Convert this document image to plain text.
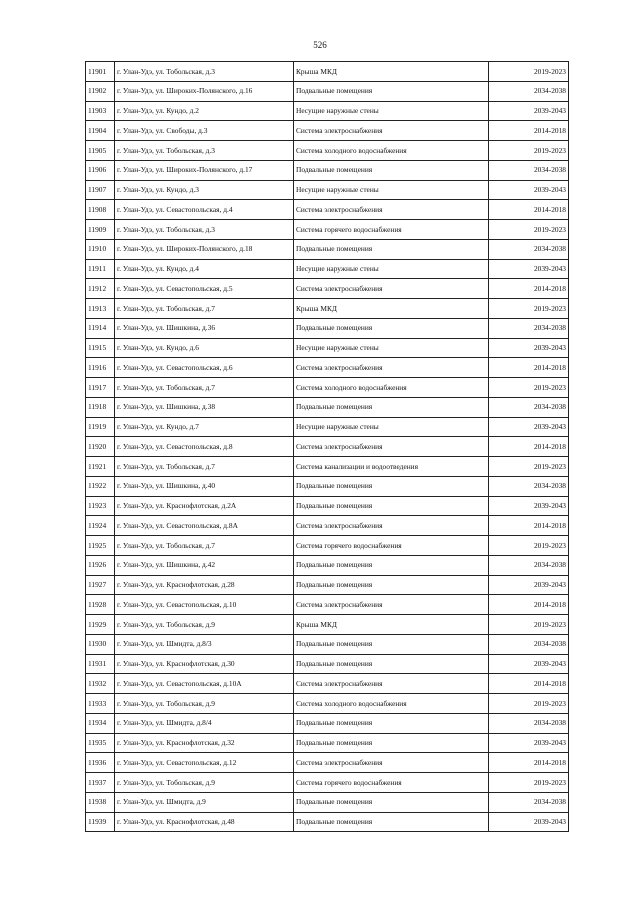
526
11901	г. Улан-Удэ, ул. Тобольская, д.3	Крыша МКД	2019-2023
11902	г. Улан-Удэ, ул. Широких-Полянского, д.16	Подвальные помещения	2034-2038
11903	г. Улан-Удэ, ул. Кундо, д.2	Несущие наружные стены	2039-2043
11904	г. Улан-Удэ, ул. Свободы, д.3	Система электроснабжения	2014-2018
11905	г. Улан-Удэ, ул. Тобольская, д.3	Система холодного водоснабжения	2019-2023
11906	г. Улан-Удэ, ул. Широких-Полянского, д.17	Подвальные помещения	2034-2038
11907	г. Улан-Удэ, ул. Кундо, д.3	Несущие наружные стены	2039-2043
11908	г. Улан-Удэ, ул. Севастопольская, д.4	Система электроснабжения	2014-2018
11909	г. Улан-Удэ, ул. Тобольская, д.3	Система горячего водоснабжения	2019-2023
11910	г. Улан-Удэ, ул. Широких-Полянского, д.18	Подвальные помещения	2034-2038
11911	г. Улан-Удэ, ул. Кундо, д.4	Несущие наружные стены	2039-2043
11912	г. Улан-Удэ, ул. Севастопольская, д.5	Система электроснабжения	2014-2018
11913	г. Улан-Удэ, ул. Тобольская, д.7	Крыша МКД	2019-2023
11914	г. Улан-Удэ, ул. Шишкина, д.36	Подвальные помещения	2034-2038
11915	г. Улан-Удэ, ул. Кундо, д.6	Несущие наружные стены	2039-2043
11916	г. Улан-Удэ, ул. Севастопольская, д.6	Система электроснабжения	2014-2018
11917	г. Улан-Удэ, ул. Тобольская, д.7	Система холодного водоснабжения	2019-2023
11918	г. Улан-Удэ, ул. Шишкина, д.38	Подвальные помещения	2034-2038
11919	г. Улан-Удэ, ул. Кундо, д.7	Несущие наружные стены	2039-2043
11920	г. Улан-Удэ, ул. Севастопольская, д.8	Система электроснабжения	2014-2018
11921	г. Улан-Удэ, ул. Тобольская, д.7	Система канализации и водоотведения	2019-2023
11922	г. Улан-Удэ, ул. Шишкина, д.40	Подвальные помещения	2034-2038
11923	г. Улан-Удэ, ул. Краснофлотская, д.2А	Подвальные помещения	2039-2043
11924	г. Улан-Удэ, ул. Севастопольская, д.8А	Система электроснабжения	2014-2018
11925	г. Улан-Удэ, ул. Тобольская, д.7	Система горячего водоснабжения	2019-2023
11926	г. Улан-Удэ, ул. Шишкина, д.42	Подвальные помещения	2034-2038
11927	г. Улан-Удэ, ул. Краснофлотская, д.28	Подвальные помещения	2039-2043
11928	г. Улан-Удэ, ул. Севастопольская, д.10	Система электроснабжения	2014-2018
11929	г. Улан-Удэ, ул. Тобольская, д.9	Крыша МКД	2019-2023
11930	г. Улан-Удэ, ул. Шмидта, д.8/3	Подвальные помещения	2034-2038
11931	г. Улан-Удэ, ул. Краснофлотская, д.30	Подвальные помещения	2039-2043
11932	г. Улан-Удэ, ул. Севастопольская, д.10А	Система электроснабжения	2014-2018
11933	г. Улан-Удэ, ул. Тобольская, д.9	Система холодного водоснабжения	2019-2023
11934	г. Улан-Удэ, ул. Шмидта, д.8/4	Подвальные помещения	2034-2038
11935	г. Улан-Удэ, ул. Краснофлотская, д.32	Подвальные помещения	2039-2043
11936	г. Улан-Удэ, ул. Севастопольская, д.12	Система электроснабжения	2014-2018
11937	г. Улан-Удэ, ул. Тобольская, д.9	Система горячего водоснабжения	2019-2023
11938	г. Улан-Удэ, ул. Шмидта, д.9	Подвальные помещения	2034-2038
11939	г. Улан-Удэ, ул. Краснофлотская, д.48	Подвальные помещения	2039-2043
